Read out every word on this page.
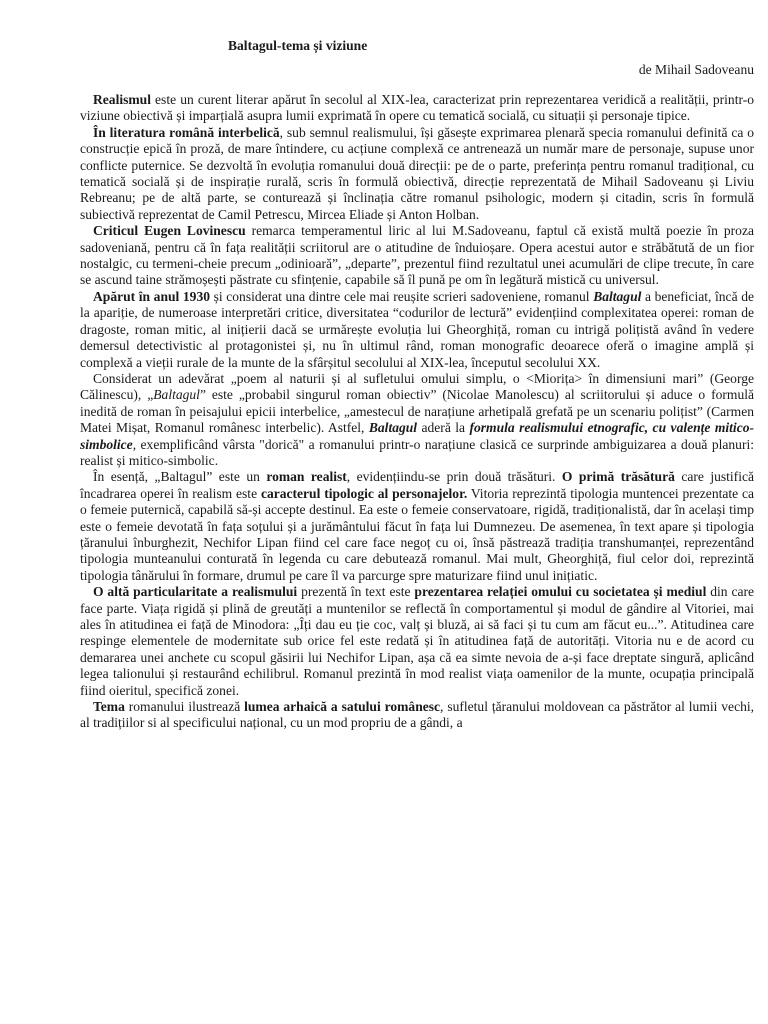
Baltagul-tema și viziune
de Mihail Sadoveanu

Realismul este un curent literar apărut în secolul al XIX-lea, caracterizat prin reprezentarea veridică a realității, printr-o viziune obiectivă și imparțială asupra lumii exprimată în opere cu tematică socială, cu situații și personaje tipice.

În literatura română interbelică, sub semnul realismului, își găsește exprimarea plenară specia romanului definită ca o construcție epică în proză, de mare întindere, cu acțiune complexă ce antrenează un număr mare de personaje, supuse unor conflicte puternice. Se dezvoltă în evoluția romanului două direcții: pe de o parte, preferința pentru romanul tradițional, cu tematică socială și de inspirație rurală, scris în formulă obiectivă, direcție reprezentată de Mihail Sadoveanu și Liviu Rebreanu; pe de altă parte, se conturează și înclinația către romanul psihologic, modern și citadin, scris în formulă subiectivă reprezentat de Camil Petrescu, Mircea Eliade și Anton Holban.

Criticul Eugen Lovinescu remarca temperamentul liric al lui M.Sadoveanu, faptul că există multă poezie în proza sadoveniană, pentru că în fața realității scriitorul are o atitudine de înduioșare. Opera acestui autor e străbătută de un fior nostalgic, cu termeni-cheie precum „odinioară”, „departe”, prezentul fiind rezultatul unei acumulări de clipe trecute, în care se ascund taine strămoșești păstrate cu sfințenie, capabile să îl pună pe om în legătură mistică cu universul.

Apărut în anul 1930 și considerat una dintre cele mai reușite scrieri sadoveniene, romanul Baltagul a beneficiat, încă de la apariție, de numeroase interpretări critice, diversitatea “codurilor de lectură” evidențiind complexitatea operei: roman de dragoste, roman mitic, al inițierii dacă se urmărește evoluția lui Gheorghiță, roman cu intrigă polițistă având în vedere demersul detectivistic al protagonistei și, nu în ultimul rând, roman monografic deoarece oferă o imagine amplă și complexă a vieții rurale de la munte de la sfârșitul secolului al XIX-lea, începutul secolului XX.

Considerat un adevărat „poem al naturii și al sufletului omului simplu, o <Miorița> în dimensiuni mari” (George Călinescu), „Baltagul” este „probabil singurul roman obiectiv” (Nicolae Manolescu) al scriitorului și aduce o formulă inedită de roman în peisajului epicii interbelice, „amestecul de narațiune arhetipală grefată pe un scenariu polițist” (Carmen Matei Mișat, Romanul românesc interbelic). Astfel, Baltagul aderă la formula realismului etnografic, cu valențe mitico-simbolice, exemplificând vârsta "dorică" a romanului printr-o narațiune clasică ce surprinde ambiguizarea a două planuri: realist și mitico-simbolic.

În esență, „Baltagul” este un roman realist, evidențiindu-se prin două trăsături. O primă trăsătură care justifică încadrarea operei în realism este caracterul tipologic al personajelor. Vitoria reprezintă tipologia muntencei prezentate ca o femeie puternică, capabilă să-și accepte destinul. Ea este o femeie conservatoare, rigidă, tradiționalistă, dar în același timp este o femeie devotată în fața soțului și a jurământului făcut în fața lui Dumnezeu. De asemenea, în text apare și tipologia țăranului înburghezit, Nechifor Lipan fiind cel care face negoț cu oi, însă păstrează tradiția transhumanței, reprezentând tipologia munteanului conturată în legenda cu care debutează romanul. Mai mult, Gheorghiță, fiul celor doi, reprezintă tipologia tânărului în formare, drumul pe care îl va parcurge spre maturizare fiind unul inițiatic.

O altă particularitate a realismului prezentă în text este prezentarea relației omului cu societatea și mediul din care face parte. Viața rigidă și plină de greutăți a muntenilor se reflectă în comportamentul și modul de gândire al Vitoriei, mai ales în atitudinea ei față de Minodora: „Îți dau eu ție coc, valț și bluză, ai să faci și tu cum am făcut eu...”. Atitudinea care respinge elementele de modernitate sub orice fel este redată și în atitudinea față de autoritāți. Vitoria nu e de acord cu demararea unei anchete cu scopul găsirii lui Nechifor Lipan, așa că ea simte nevoia de a-și face dreptate singură, aplicând legea talionului și restaurând echilibrul. Romanul prezintă în mod realist viața oamenilor de la munte, ocupația principală fiind oieritul, specifică zonei.

Tema romanului ilustrează lumea arhaică a satului românesc, sufletul țăranului moldovean ca păstrător al lumii vechi, al tradițiilor si al specificului național, cu un mod propriu de a gândi, a
